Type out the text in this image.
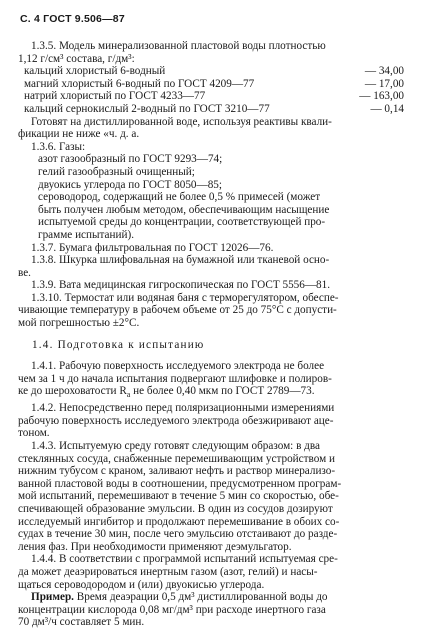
С. 4 ГОСТ 9.506—87
1.3.5. Модель минерализованной пластовой воды плотностью
1,12 г/см³ состава, г/дм³:
кальций хлористый 6-водный	— 34,00
магний хлористый 6-водный по ГОСТ 4209—77	— 17,00
натрий хлористый по ГОСТ 4233—77	— 163,00
кальций сернокислый 2-водный по ГОСТ 3210—77	— 0,14
Готовят на дистиллированной воде, используя реактивы квали-
фикации не ниже «ч. д. а.
1.3.6. Газы:
азот газообразный по ГОСТ 9293—74;
гелий газообразный очищенный;
двуокись углерода по ГОСТ 8050—85;
сероводород, содержащий не более 0,5 % примесей (может
быть получен любым методом, обеспечивающим насыщение
испытуемой среды до концентрации, соответствующей про-
грамме испытаний).
1.3.7. Бумага фильтровальная по ГОСТ 12026—76.
1.3.8. Шкурка шлифовальная на бумажной или тканевой осно-
ве.
1.3.9. Вата медицинская гигроскопическая по ГОСТ 5556—81.
1.3.10. Термостат или водяная баня с терморегулятором, обеспе-
чивающие температуру в рабочем объеме от 25 до 75°С с допусти-
мой погрешностью ±2°С.
1.4. Подготовка к испытанию
1.4.1. Рабочую поверхность исследуемого электрода не более
чем за 1 ч до начала испытания подвергают шлифовке и полиров-
ке до шероховатости $R_a$ не более 0,40 мкм по ГОСТ 2789—73.
1.4.2. Непосредственно перед поляризационными измерениями
рабочую поверхность исследуемого электрода обезжиривают аце-
тоном.
1.4.3. Испытуемую среду готовят следующим образом: в два
стеклянных сосуда, снабженные перемешивающим устройством и
нижним тубусом с краном, заливают нефть и раствор минерализо-
ванной пластовой воды в соотношении, предусмотренном програм-
мой испытаний, перемешивают в течение 5 мин со скоростью, обе-
спечивающей образование эмульсии. В один из сосудов дозируют
исследуемый ингибитор и продолжают перемешивание в обоих со-
судах в течение 30 мин, после чего эмульсию отстаивают до разде-
ления фаз. При необходимости применяют деэмульгатор.
1.4.4. В соответствии с программой испытаний испытуемая сре-
да может деаэрироваться инертным газом (азот, гелий) и насы-
щаться сероводородом и (или) двуокисью углерода.
Пример. Время деаэрации 0,5 дм³ дистиллированной воды до
концентрации кислорода 0,08 мг/дм³ при расходе инертного газа
70 дм³/ч составляет 5 мин.
